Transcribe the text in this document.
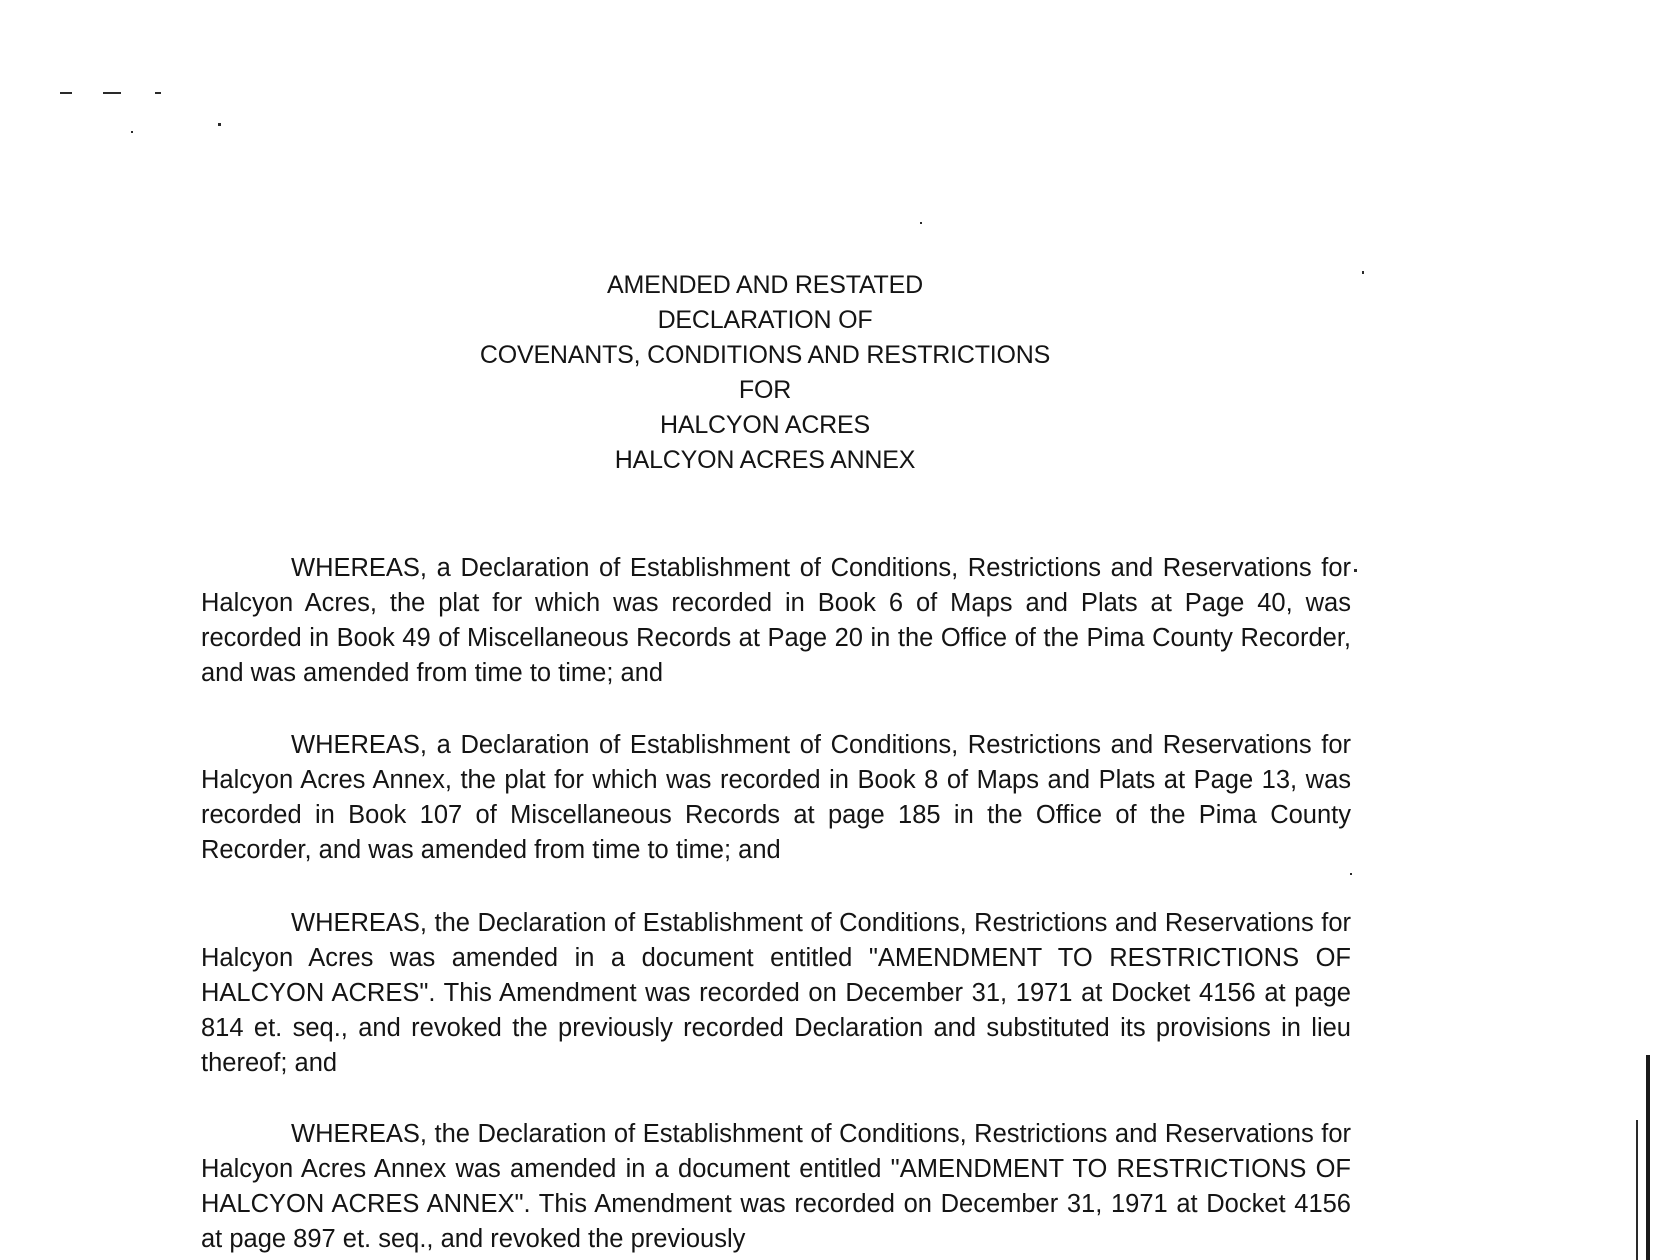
AMENDED AND RESTATED
DECLARATION OF
COVENANTS, CONDITIONS AND RESTRICTIONS
FOR
HALCYON ACRES
HALCYON ACRES ANNEX

WHEREAS, a Declaration of Establishment of Conditions, Restrictions and Reservations for Halcyon Acres, the plat for which was recorded in Book 6 of Maps and Plats at Page 40, was recorded in Book 49 of Miscellaneous Records at Page 20 in the Office of the Pima County Recorder, and was amended from time to time; and

WHEREAS, a Declaration of Establishment of Conditions, Restrictions and Reservations for Halcyon Acres Annex, the plat for which was recorded in Book 8 of Maps and Plats at Page 13, was recorded in Book 107 of Miscellaneous Records at page 185 in the Office of the Pima County Recorder, and was amended from time to time; and

WHEREAS, the Declaration of Establishment of Conditions, Restrictions and Reservations for Halcyon Acres was amended in a document entitled "AMENDMENT TO RESTRICTIONS OF HALCYON ACRES". This Amendment was recorded on December 31, 1971 at Docket 4156 at page 814 et. seq., and revoked the previously recorded Declaration and substituted its provisions in lieu thereof; and

WHEREAS, the Declaration of Establishment of Conditions, Restrictions and Reservations for Halcyon Acres Annex was amended in a document entitled "AMENDMENT TO RESTRICTIONS OF HALCYON ACRES ANNEX". This Amendment was recorded on December 31, 1971 at Docket 4156 at page 897 et. seq., and revoked the previously
